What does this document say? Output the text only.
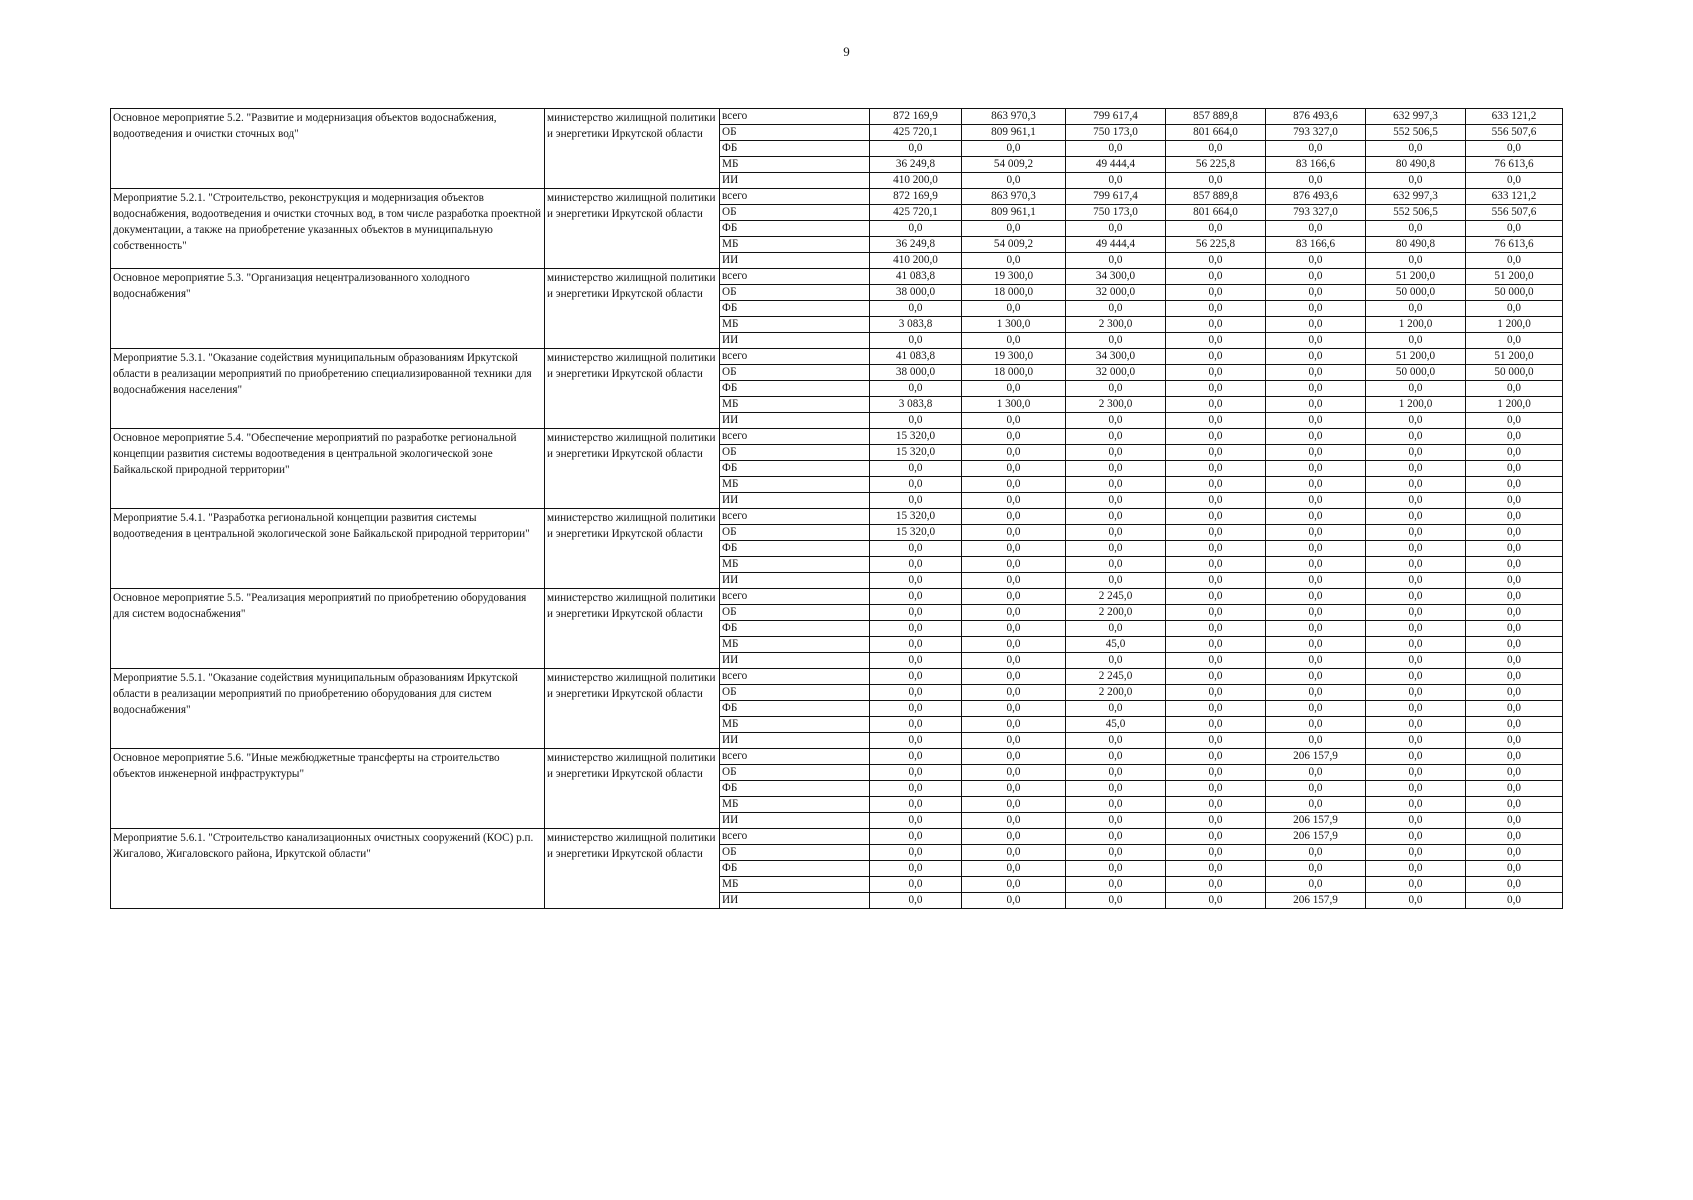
9
Основное мероприятие 5.2. "Развитие и модернизация объектов водоснабжения, водоотведения и очистки сточных вод"	министерство жилищной политики и энергетики Иркутской области	всего	872 169,9	863 970,3	799 617,4	857 889,8	876 493,6	632 997,3	633 121,2
		ОБ	425 720,1	809 961,1	750 173,0	801 664,0	793 327,0	552 506,5	556 507,6
		ФБ	0,0	0,0	0,0	0,0	0,0	0,0	0,0
		МБ	36 249,8	54 009,2	49 444,4	56 225,8	83 166,6	80 490,8	76 613,6
		ИИ	410 200,0	0,0	0,0	0,0	0,0	0,0	0,0
Мероприятие 5.2.1. "Строительство, реконструкция и модернизация объектов водоснабжения, водоотведения и очистки сточных вод, в том числе разработка проектной документации, а также на приобретение указанных объектов в муниципальную собственность"	министерство жилищной политики и энергетики Иркутской области	всего	872 169,9	863 970,3	799 617,4	857 889,8	876 493,6	632 997,3	633 121,2
		ОБ	425 720,1	809 961,1	750 173,0	801 664,0	793 327,0	552 506,5	556 507,6
		ФБ	0,0	0,0	0,0	0,0	0,0	0,0	0,0
		МБ	36 249,8	54 009,2	49 444,4	56 225,8	83 166,6	80 490,8	76 613,6
		ИИ	410 200,0	0,0	0,0	0,0	0,0	0,0	0,0
Основное мероприятие 5.3. "Организация нецентрализованного холодного водоснабжения"	министерство жилищной политики и энергетики Иркутской области	всего	41 083,8	19 300,0	34 300,0	0,0	0,0	51 200,0	51 200,0
		ОБ	38 000,0	18 000,0	32 000,0	0,0	0,0	50 000,0	50 000,0
		ФБ	0,0	0,0	0,0	0,0	0,0	0,0	0,0
		МБ	3 083,8	1 300,0	2 300,0	0,0	0,0	1 200,0	1 200,0
		ИИ	0,0	0,0	0,0	0,0	0,0	0,0	0,0
Мероприятие 5.3.1. "Оказание содействия муниципальным образованиям Иркутской области в реализации мероприятий по приобретению специализированной техники для водоснабжения населения"	министерство жилищной политики и энергетики Иркутской области	всего	41 083,8	19 300,0	34 300,0	0,0	0,0	51 200,0	51 200,0
		ОБ	38 000,0	18 000,0	32 000,0	0,0	0,0	50 000,0	50 000,0
		ФБ	0,0	0,0	0,0	0,0	0,0	0,0	0,0
		МБ	3 083,8	1 300,0	2 300,0	0,0	0,0	1 200,0	1 200,0
		ИИ	0,0	0,0	0,0	0,0	0,0	0,0	0,0
Основное мероприятие 5.4. "Обеспечение мероприятий по разработке региональной концепции развития системы водоотведения в центральной экологической зоне Байкальской природной территории"	министерство жилищной политики и энергетики Иркутской области	всего	15 320,0	0,0	0,0	0,0	0,0	0,0	0,0
		ОБ	15 320,0	0,0	0,0	0,0	0,0	0,0	0,0
		ФБ	0,0	0,0	0,0	0,0	0,0	0,0	0,0
		МБ	0,0	0,0	0,0	0,0	0,0	0,0	0,0
		ИИ	0,0	0,0	0,0	0,0	0,0	0,0	0,0
Мероприятие 5.4.1. "Разработка региональной концепции развития системы водоотведения в центральной экологической зоне Байкальской природной территории"	министерство жилищной политики и энергетики Иркутской области	всего	15 320,0	0,0	0,0	0,0	0,0	0,0	0,0
		ОБ	15 320,0	0,0	0,0	0,0	0,0	0,0	0,0
		ФБ	0,0	0,0	0,0	0,0	0,0	0,0	0,0
		МБ	0,0	0,0	0,0	0,0	0,0	0,0	0,0
		ИИ	0,0	0,0	0,0	0,0	0,0	0,0	0,0
Основное мероприятие 5.5. "Реализация мероприятий по приобретению оборудования для систем водоснабжения"	министерство жилищной политики и энергетики Иркутской области	всего	0,0	0,0	2 245,0	0,0	0,0	0,0	0,0
		ОБ	0,0	0,0	2 200,0	0,0	0,0	0,0	0,0
		ФБ	0,0	0,0	0,0	0,0	0,0	0,0	0,0
		МБ	0,0	0,0	45,0	0,0	0,0	0,0	0,0
		ИИ	0,0	0,0	0,0	0,0	0,0	0,0	0,0
Мероприятие 5.5.1. "Оказание содействия муниципальным образованиям Иркутской области в реализации мероприятий по приобретению оборудования для систем водоснабжения"	министерство жилищной политики и энергетики Иркутской области	всего	0,0	0,0	2 245,0	0,0	0,0	0,0	0,0
		ОБ	0,0	0,0	2 200,0	0,0	0,0	0,0	0,0
		ФБ	0,0	0,0	0,0	0,0	0,0	0,0	0,0
		МБ	0,0	0,0	45,0	0,0	0,0	0,0	0,0
		ИИ	0,0	0,0	0,0	0,0	0,0	0,0	0,0
Основное мероприятие 5.6. "Иные межбюджетные трансферты на строительство объектов инженерной инфраструктуры"	министерство жилищной политики и энергетики Иркутской области	всего	0,0	0,0	0,0	0,0	206 157,9	0,0	0,0
		ОБ	0,0	0,0	0,0	0,0	0,0	0,0	0,0
		ФБ	0,0	0,0	0,0	0,0	0,0	0,0	0,0
		МБ	0,0	0,0	0,0	0,0	0,0	0,0	0,0
		ИИ	0,0	0,0	0,0	0,0	206 157,9	0,0	0,0
Мероприятие 5.6.1. "Строительство канализационных очистных сооружений (КОС) р.п. Жигалово, Жигаловского района, Иркутской области"	министерство жилищной политики и энергетики Иркутской области	всего	0,0	0,0	0,0	0,0	206 157,9	0,0	0,0
		ОБ	0,0	0,0	0,0	0,0	0,0	0,0	0,0
		ФБ	0,0	0,0	0,0	0,0	0,0	0,0	0,0
		МБ	0,0	0,0	0,0	0,0	0,0	0,0	0,0
		ИИ	0,0	0,0	0,0	0,0	206 157,9	0,0	0,0
